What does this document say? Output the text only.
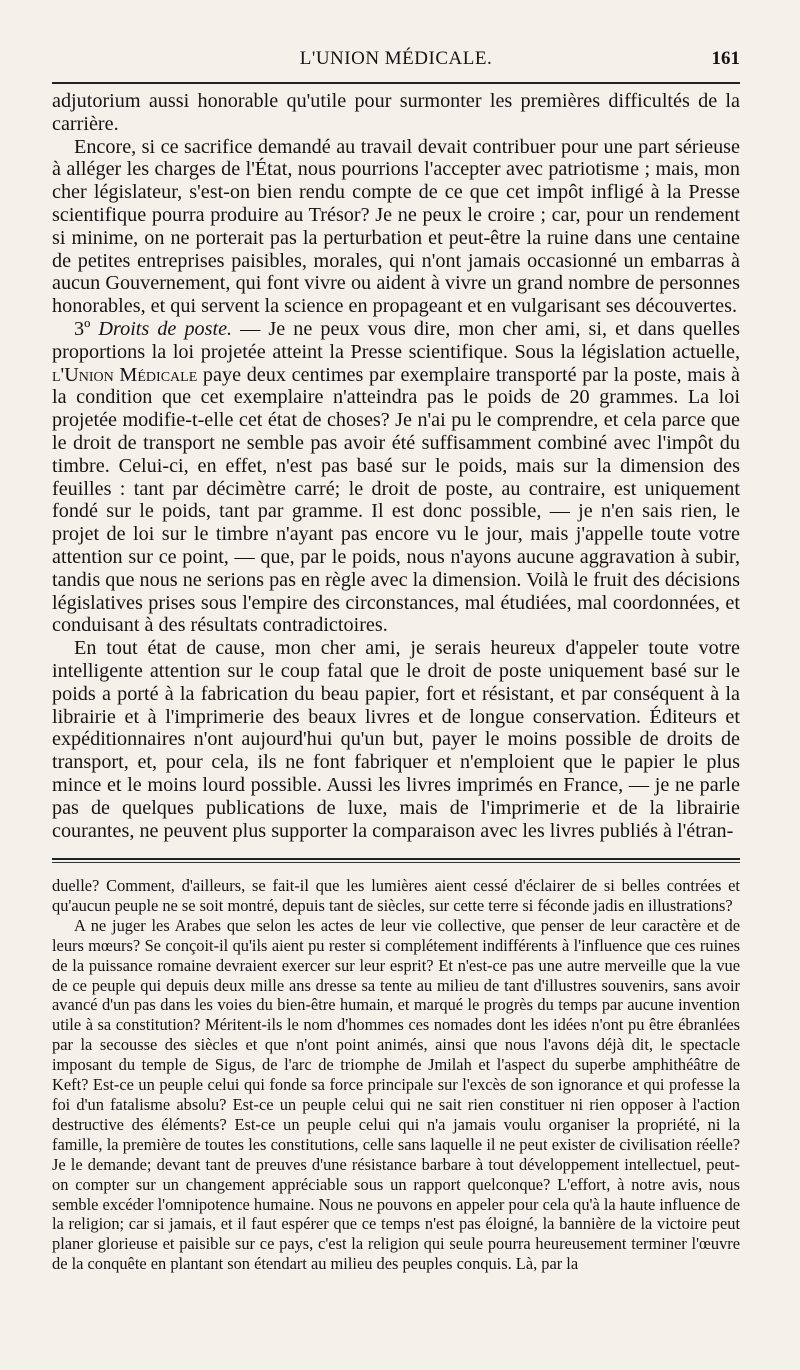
L'UNION MÉDICALE.	161

adjutorium aussi honorable qu'utile pour surmonter les premières difficultés de la carrière.

Encore, si ce sacrifice demandé au travail devait contribuer pour une part sérieuse à alléger les charges de l'État, nous pourrions l'accepter avec patriotisme ; mais, mon cher législateur, s'est-on bien rendu compte de ce que cet impôt infligé à la Presse scientifique pourra produire au Trésor? Je ne peux le croire ; car, pour un rendement si minime, on ne porterait pas la perturbation et peut-être la ruine dans une centaine de petites entreprises paisibles, morales, qui n'ont jamais occasionné un embarras à aucun Gouvernement, qui font vivre ou aident à vivre un grand nombre de personnes honorables, et qui servent la science en propageant et en vulgarisant ses découvertes.

3º Droits de poste. — Je ne peux vous dire, mon cher ami, si, et dans quelles proportions la loi projetée atteint la Presse scientifique. Sous la législation actuelle, l'Union Médicale paye deux centimes par exemplaire transporté par la poste, mais à la condition que cet exemplaire n'atteindra pas le poids de 20 grammes. La loi projetée modifie-t-elle cet état de choses? Je n'ai pu le comprendre, et cela parce que le droit de transport ne semble pas avoir été suffisamment combiné avec l'impôt du timbre. Celui-ci, en effet, n'est pas basé sur le poids, mais sur la dimension des feuilles : tant par décimètre carré; le droit de poste, au contraire, est uniquement fondé sur le poids, tant par gramme. Il est donc possible, — je n'en sais rien, le projet de loi sur le timbre n'ayant pas encore vu le jour, mais j'appelle toute votre attention sur ce point, — que, par le poids, nous n'ayons aucune aggravation à subir, tandis que nous ne serions pas en règle avec la dimension. Voilà le fruit des décisions législatives prises sous l'empire des circonstances, mal étudiées, mal coordonnées, et conduisant à des résultats contradictoires.

En tout état de cause, mon cher ami, je serais heureux d'appeler toute votre intelligente attention sur le coup fatal que le droit de poste uniquement basé sur le poids a porté à la fabrication du beau papier, fort et résistant, et par conséquent à la librairie et à l'imprimerie des beaux livres et de longue conservation. Éditeurs et expéditionnaires n'ont aujourd'hui qu'un but, payer le moins possible de droits de transport, et, pour cela, ils ne font fabriquer et n'emploient que le papier le plus mince et le moins lourd possible. Aussi les livres imprimés en France, — je ne parle pas de quelques publications de luxe, mais de l'imprimerie et de la librairie courantes, ne peuvent plus supporter la comparaison avec les livres publiés à l'étran-

duelle? Comment, d'ailleurs, se fait-il que les lumières aient cessé d'éclairer de si belles contrées et qu'aucun peuple ne se soit montré, depuis tant de siècles, sur cette terre si féconde jadis en illustrations?

A ne juger les Arabes que selon les actes de leur vie collective, que penser de leur caractère et de leurs mœurs? Se conçoit-il qu'ils aient pu rester si complétement indifférents à l'influence que ces ruines de la puissance romaine devraient exercer sur leur esprit? Et n'est-ce pas une autre merveille que la vue de ce peuple qui depuis deux mille ans dresse sa tente au milieu de tant d'illustres souvenirs, sans avoir avancé d'un pas dans les voies du bien-être humain, et marqué le progrès du temps par aucune invention utile à sa constitution? Méritent-ils le nom d'hommes ces nomades dont les idées n'ont pu être ébranlées par la secousse des siècles et que n'ont point animés, ainsi que nous l'avons déjà dit, le spectacle imposant du temple de Sigus, de l'arc de triomphe de Jmilah et l'aspect du superbe amphithéâtre de Keft? Est-ce un peuple celui qui fonde sa force principale sur l'excès de son ignorance et qui professe la foi d'un fatalisme absolu? Est-ce un peuple celui qui ne sait rien constituer ni rien opposer à l'action destructive des éléments? Est-ce un peuple celui qui n'a jamais voulu organiser la propriété, ni la famille, la première de toutes les constitutions, celle sans laquelle il ne peut exister de civilisation réelle? Je le demande; devant tant de preuves d'une résistance barbare à tout développement intellectuel, peut-on compter sur un changement appréciable sous un rapport quelconque? L'effort, à notre avis, nous semble excéder l'omnipotence humaine. Nous ne pouvons en appeler pour cela qu'à la haute influence de la religion; car si jamais, et il faut espérer que ce temps n'est pas éloigné, la bannière de la victoire peut planer glorieuse et paisible sur ce pays, c'est la religion qui seule pourra heureusement terminer l'œuvre de la conquête en plantant son étendart au milieu des peuples conquis. Là, par la
